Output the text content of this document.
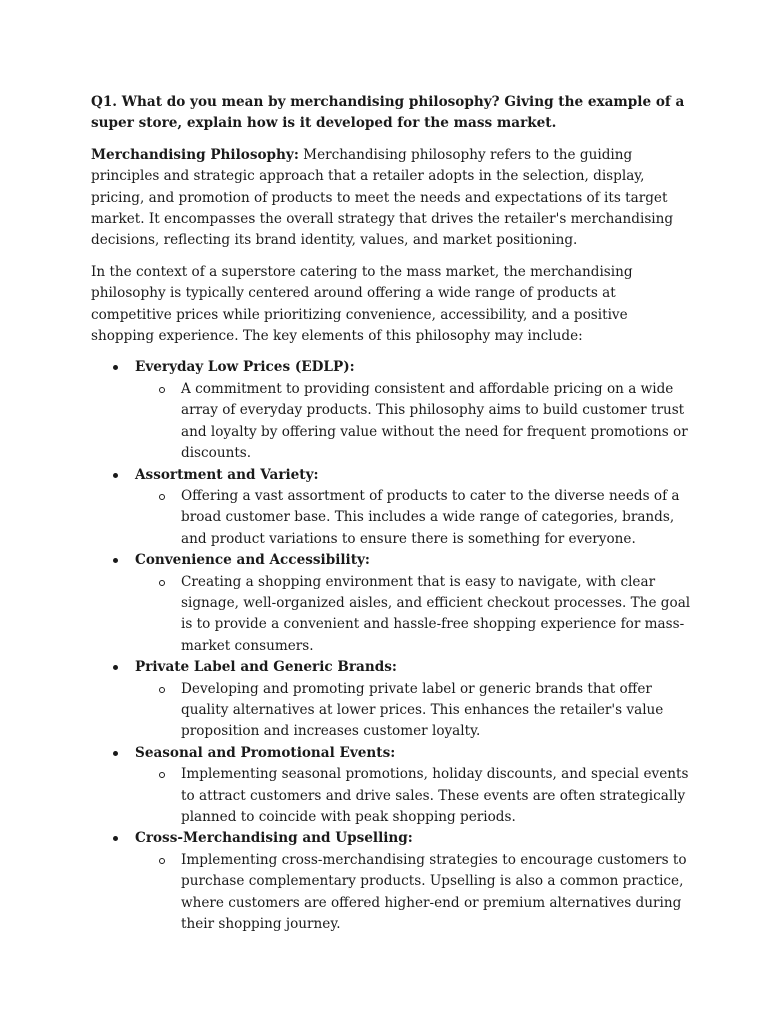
Q1. What do you mean by merchandising philosophy? Giving the example of a super store, explain how is it developed for the mass market.

Merchandising Philosophy: Merchandising philosophy refers to the guiding principles and strategic approach that a retailer adopts in the selection, display, pricing, and promotion of products to meet the needs and expectations of its target market. It encompasses the overall strategy that drives the retailer's merchandising decisions, reflecting its brand identity, values, and market positioning.

In the context of a superstore catering to the mass market, the merchandising philosophy is typically centered around offering a wide range of products at competitive prices while prioritizing convenience, accessibility, and a positive shopping experience. The key elements of this philosophy may include:

Everyday Low Prices (EDLP):
A commitment to providing consistent and affordable pricing on a wide array of everyday products. This philosophy aims to build customer trust and loyalty by offering value without the need for frequent promotions or discounts.
Assortment and Variety:
Offering a vast assortment of products to cater to the diverse needs of a broad customer base. This includes a wide range of categories, brands, and product variations to ensure there is something for everyone.
Convenience and Accessibility:
Creating a shopping environment that is easy to navigate, with clear signage, well-organized aisles, and efficient checkout processes. The goal is to provide a convenient and hassle-free shopping experience for mass-market consumers.
Private Label and Generic Brands:
Developing and promoting private label or generic brands that offer quality alternatives at lower prices. This enhances the retailer's value proposition and increases customer loyalty.
Seasonal and Promotional Events:
Implementing seasonal promotions, holiday discounts, and special events to attract customers and drive sales. These events are often strategically planned to coincide with peak shopping periods.
Cross-Merchandising and Upselling:
Implementing cross-merchandising strategies to encourage customers to purchase complementary products. Upselling is also a common practice, where customers are offered higher-end or premium alternatives during their shopping journey.
